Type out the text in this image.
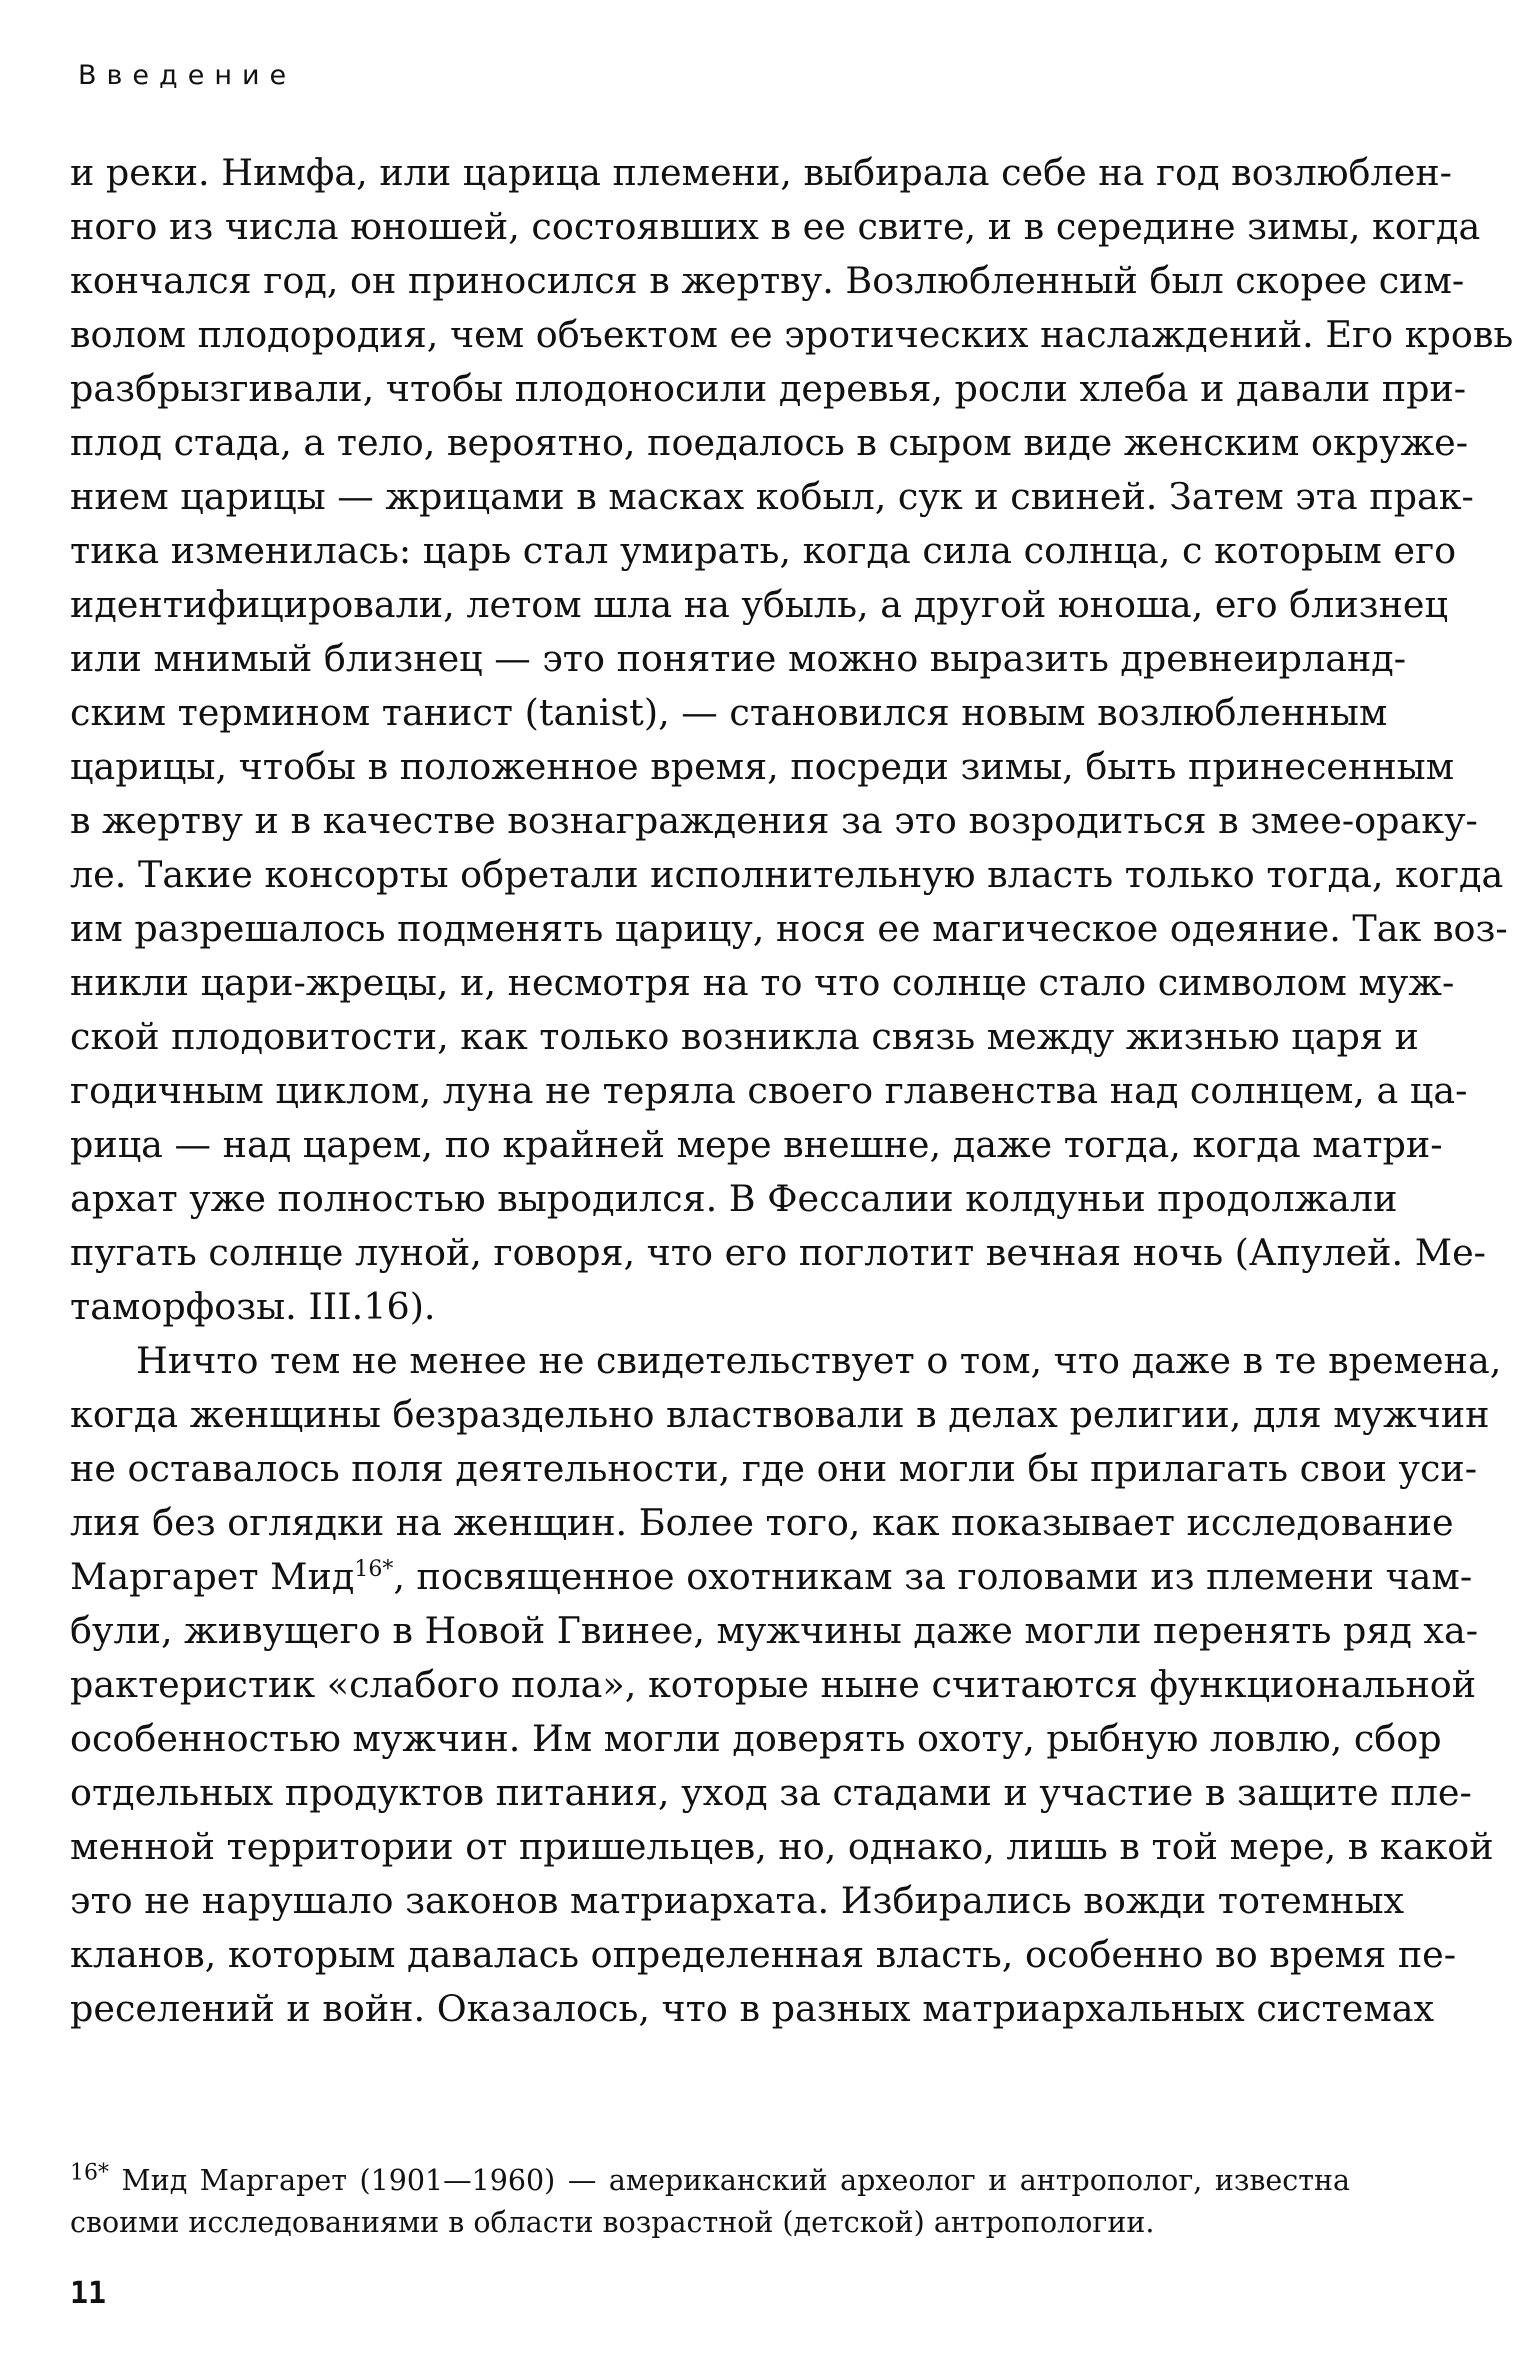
Введение

и реки. Нимфа, или царица племени, выбирала себе на год возлюблен-
ного из числа юношей, состоявших в ее свите, и в середине зимы, когда
кончался год, он приносился в жертву. Возлюбленный был скорее сим-
волом плодородия, чем объектом ее эротических наслаждений. Его кровь
разбрызгивали, чтобы плодоносили деревья, росли хлеба и давали при-
плод стада, а тело, вероятно, поедалось в сыром виде женским окруже-
нием царицы — жрицами в масках кобыл, сук и свиней. Затем эта прак-
тика изменилась: царь стал умирать, когда сила солнца, с которым его
идентифицировали, летом шла на убыль, а другой юноша, его близнец
или мнимый близнец — это понятие можно выразить древнеирланд-
ским термином танист (tanist), — становился новым возлюбленным
царицы, чтобы в положенное время, посреди зимы, быть принесенным
в жертву и в качестве вознаграждения за это возродиться в змее-ораку-
ле. Такие консорты обретали исполнительную власть только тогда, когда
им разрешалось подменять царицу, нося ее магическое одеяние. Так воз-
никли цари-жрецы, и, несмотря на то что солнце стало символом муж-
ской плодовитости, как только возникла связь между жизнью царя и
годичным циклом, луна не теряла своего главенства над солнцем, а ца-
рица — над царем, по крайней мере внешне, даже тогда, когда матри-
архат уже полностью выродился. В Фессалии колдуньи продолжали
пугать солнце луной, говоря, что его поглотит вечная ночь (Апулей. Ме-
таморфозы. III.16).

Ничто тем не менее не свидетельствует о том, что даже в те времена,
когда женщины безраздельно властвовали в делах религии, для мужчин
не оставалось поля деятельности, где они могли бы прилагать свои уси-
лия без оглядки на женщин. Более того, как показывает исследование
Маргарет Мид$^{16*}$, посвященное охотникам за головами из племени чам-
були, живущего в Новой Гвинее, мужчины даже могли перенять ряд ха-
рактеристик «слабого пола», которые ныне считаются функциональной
особенностью мужчин. Им могли доверять охоту, рыбную ловлю, сбор
отдельных продуктов питания, уход за стадами и участие в защите пле-
менной территории от пришельцев, но, однако, лишь в той мере, в какой
это не нарушало законов матриархата. Избирались вожди тотемных
кланов, которым давалась определенная власть, особенно во время пе-
реселений и войн. Оказалось, что в разных матриархальных системах

$^{16*}$ Мид Маргарет (1901—1960) — американский археолог и антрополог, известна
своими исследованиями в области возрастной (детской) антропологии.
11
